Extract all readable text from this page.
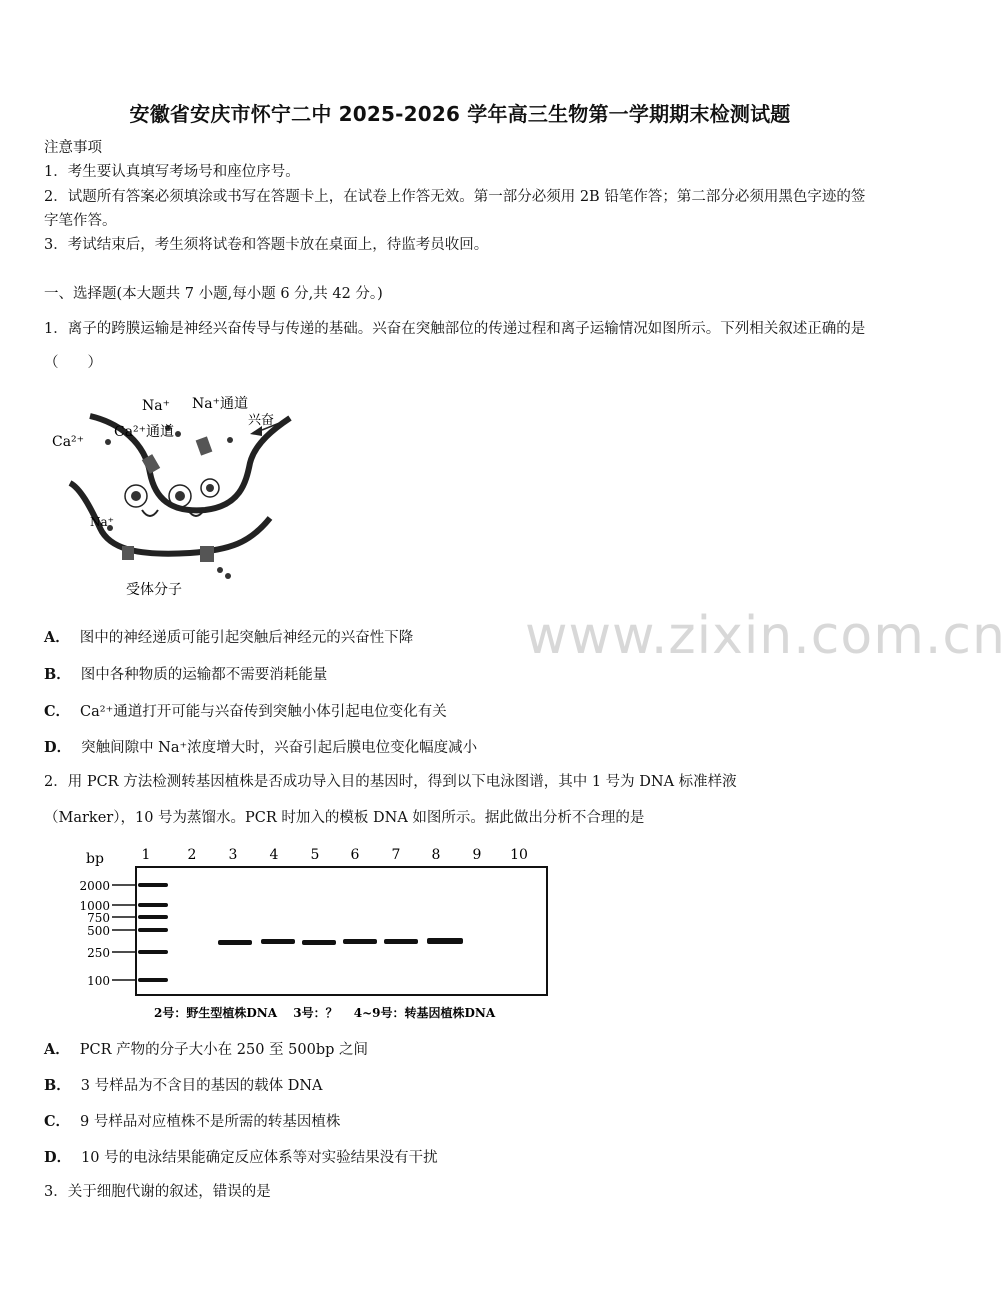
www.zixin.com.cn
安徽省安庆市怀宁二中 2025-2026 学年高三生物第一学期期末检测试题
注意事项
1．考生要认真填写考场号和座位序号。
2．试题所有答案必须填涂或书写在答题卡上，在试卷上作答无效。第一部分必须用 2B 铅笔作答；第二部分必须用黑色字迹的签字笔作答。
3．考试结束后，考生须将试卷和答题卡放在桌面上，待监考员收回。
一、选择题(本大题共 7 小题,每小题 6 分,共 42 分。)
1．离子的跨膜运输是神经兴奋传导与传递的基础。兴奋在突触部位的传递过程和离子运输情况如图所示。下列相关叙述正确的是（　　）
Na⁺ Na⁺通道
兴奋
Ca²⁺
Ca²⁺通道
Na⁺
受体分子
A． 图中的神经递质可能引起突触后神经元的兴奋性下降
B． 图中各种物质的运输都不需要消耗能量
C． Ca²⁺通道打开可能与兴奋传到突触小体引起电位变化有关
D． 突触间隙中 Na⁺浓度增大时，兴奋引起后膜电位变化幅度减小
2．用 PCR 方法检测转基因植株是否成功导入目的基因时，得到以下电泳图谱，其中 1 号为 DNA 标准样液
（Marker），10 号为蒸馏水。PCR 时加入的模板 DNA 如图所示。据此做出分析不合理的是
bp	1	2 3 4 5 6 7 8 9 10
2000
1000
750
500
250
100
2号：野生型植株DNA　 3号：？　 4~9号：转基因植株DNA
A． PCR 产物的分子大小在 250 至 500bp 之间
B． 3 号样品为不含目的基因的载体 DNA
C． 9 号样品对应植株不是所需的转基因植株
D． 10 号的电泳结果能确定反应体系等对实验结果没有干扰
3．关于细胞代谢的叙述，错误的是
